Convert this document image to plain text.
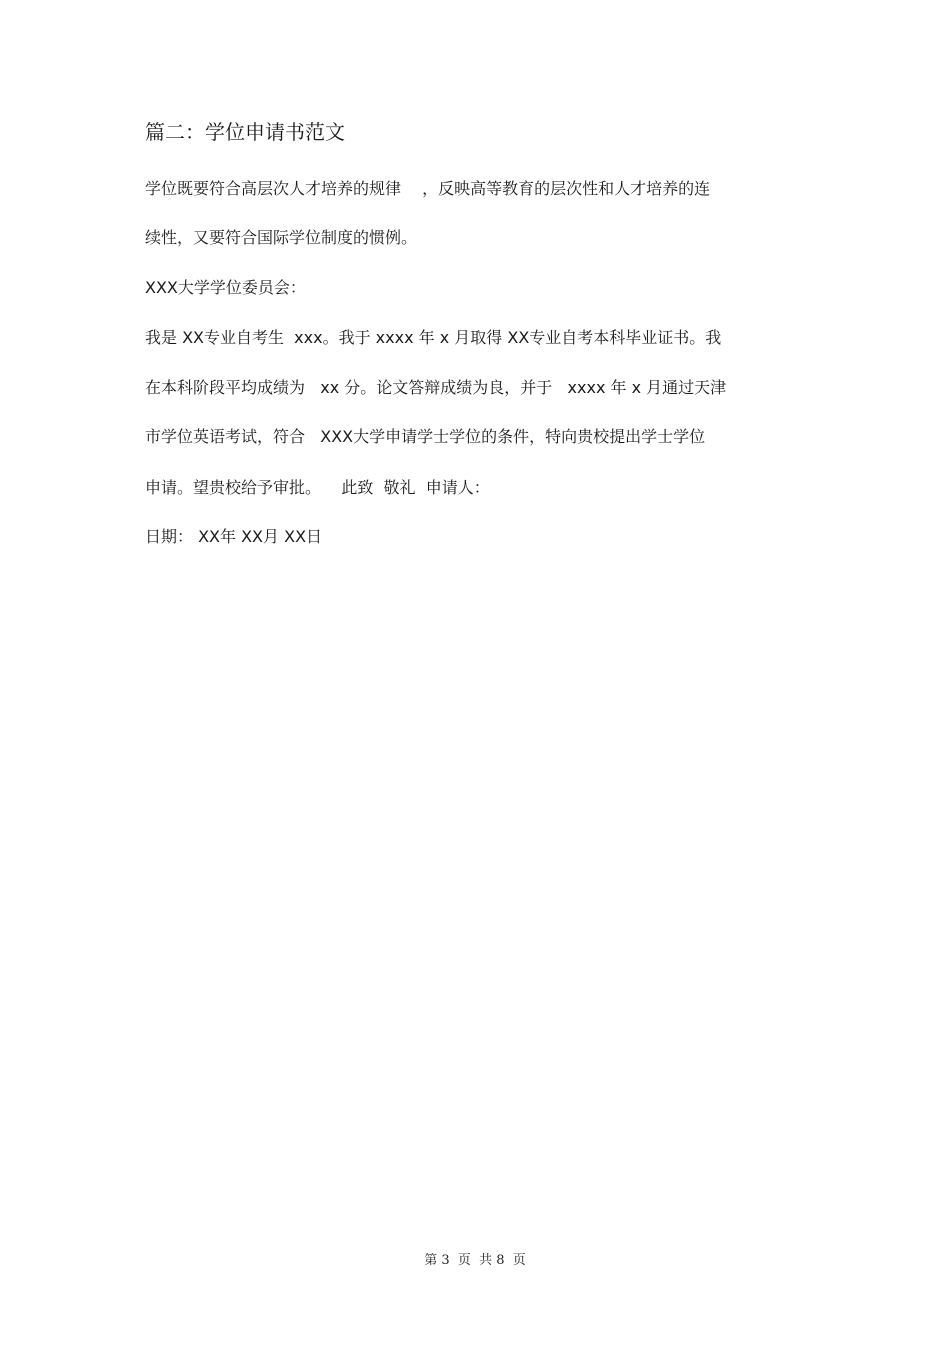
篇二：学位申请书范文
学位既要符合高层次人才培养的规律　 ，反映高等教育的层次性和人才培养的连
续性，又要符合国际学位制度的惯例。
XXX大学学位委员会：
我是 XX专业自考生  xxx。我于 xxxx 年 x 月取得 XX专业自考本科毕业证书。我
在本科阶段平均成绩为   xx 分。论文答辩成绩为良，并于   xxxx 年 x 月通过天津
市学位英语考试，符合   XXX大学申请学士学位的条件，特向贵校提出学士学位
申请。望贵校给予审批。    此致  敬礼  申请人：
日期： XX年 XX月 XX日
第 3  页  共 8  页
